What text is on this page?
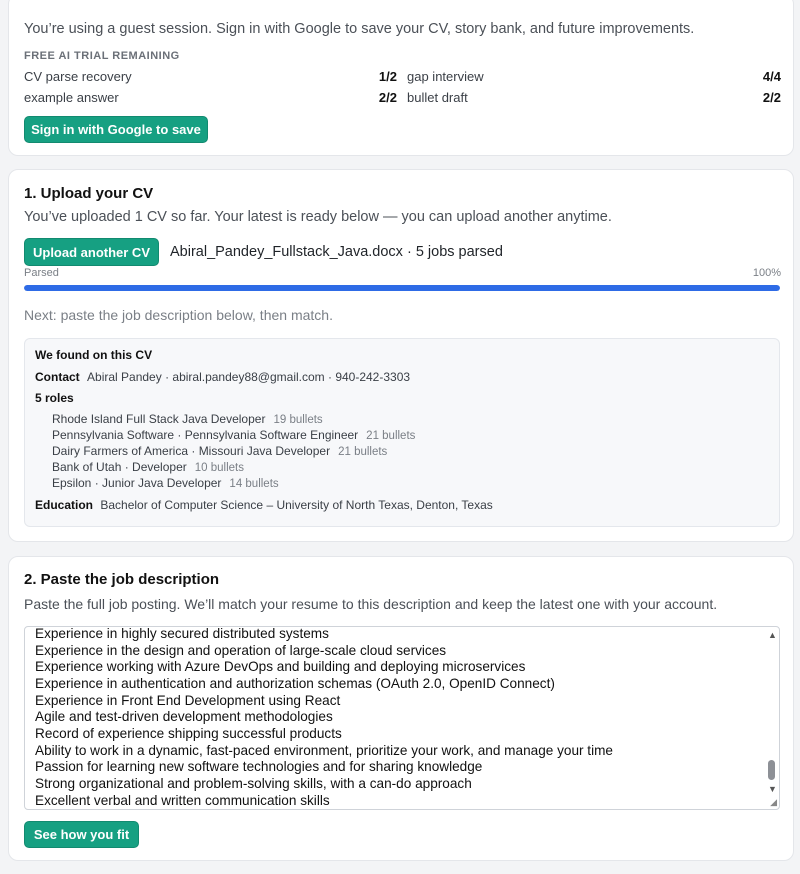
You’re using a guest session. Sign in with Google to save your CV, story bank, and future improvements.
FREE AI TRIAL REMAINING
CV parse recovery	1/2 gap interview	4/4
example answer	2/2 bullet draft	2/2
Sign in with Google to save
1. Upload your CV
You’ve uploaded 1 CV so far. Your latest is ready below — you can upload another anytime.
Upload another CV	Abiral_Pandey_Fullstack_Java.docx · 5 jobs parsed
Parsed	100%
Next: paste the job description below, then match.
We found on this CV
Contact Abiral Pandey · abiral.pandey88@gmail.com · 940-242-3303
5 roles
Rhode Island Full Stack Java Developer 19 bullets
Pennsylvania Software · Pennsylvania Software Engineer 21 bullets
Dairy Farmers of America · Missouri Java Developer 21 bullets
Bank of Utah · Developer 10 bullets
Epsilon · Junior Java Developer 14 bullets
Education Bachelor of Computer Science – University of North Texas, Denton, Texas
2. Paste the job description
Paste the full job posting. We’ll match your resume to this description and keep the latest one with your account.
Experience in highly secured distributed systems
Experience in the design and operation of large-scale cloud services
Experience working with Azure DevOps and building and deploying microservices
Experience in authentication and authorization schemas (OAuth 2.0, OpenID Connect)
Experience in Front End Development using React
Agile and test-driven development methodologies
Record of experience shipping successful products
Ability to work in a dynamic, fast-paced environment, prioritize your work, and manage your time
Passion for learning new software technologies and for sharing knowledge
Strong organizational and problem-solving skills, with a can-do approach
Excellent verbal and written communication skills
▲
▼
◢
See how you fit
